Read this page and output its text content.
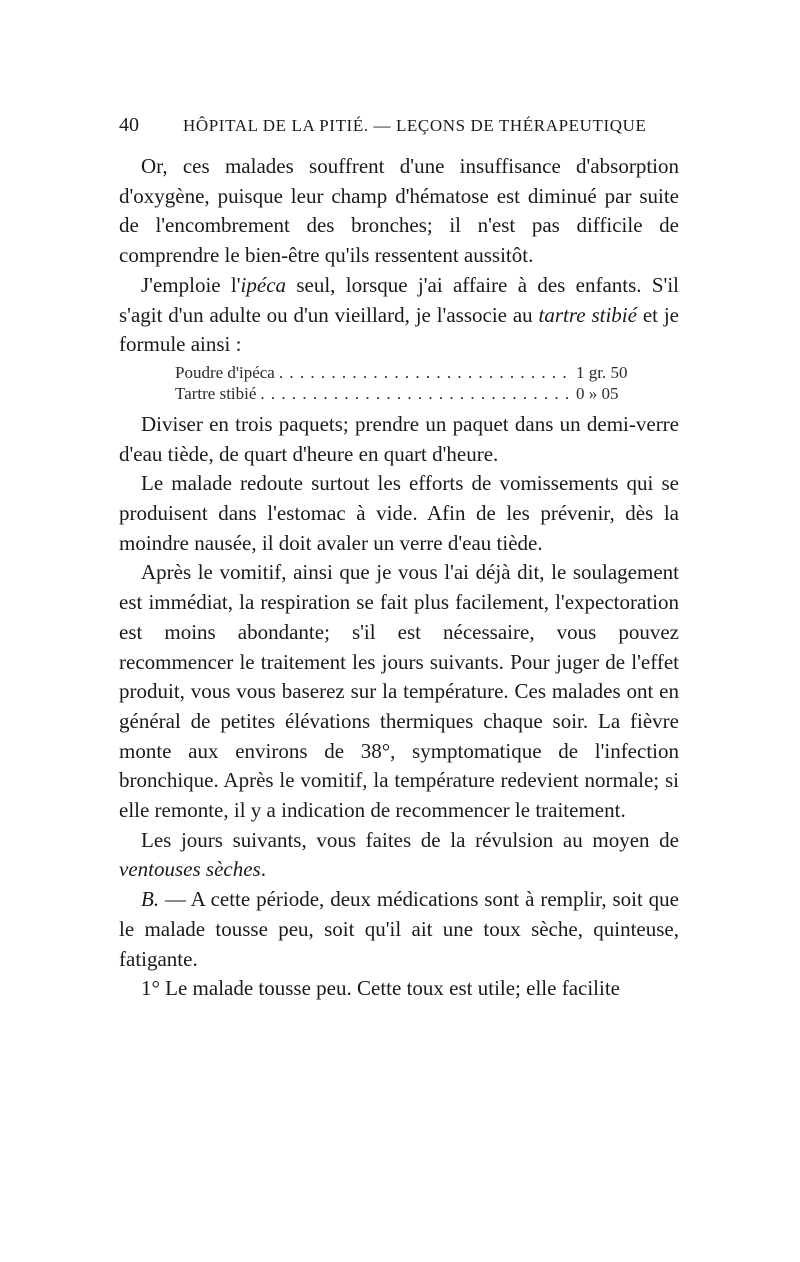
40	HÔPITAL DE LA PITIÉ. — LEÇONS DE THÉRAPEUTIQUE

Or, ces malades souffrent d'une insuffisance d'absorption d'oxygène, puisque leur champ d'hématose est diminué par suite de l'encombrement des bronches; il n'est pas difficile de comprendre le bien-être qu'ils ressentent aussitôt.

J'emploie l'ipéca seul, lorsque j'ai affaire à des enfants. S'il s'agit d'un adulte ou d'un vieillard, je l'associe au tartre stibié et je formule ainsi :

Poudre d'ipéca . . .	1 gr. 50
Tartre stibié . . .	0 » 05

Diviser en trois paquets; prendre un paquet dans un demi-verre d'eau tiède, de quart d'heure en quart d'heure.

Le malade redoute surtout les efforts de vomissements qui se produisent dans l'estomac à vide. Afin de les prévenir, dès la moindre nausée, il doit avaler un verre d'eau tiède.

Après le vomitif, ainsi que je vous l'ai déjà dit, le soulagement est immédiat, la respiration se fait plus facilement, l'expectoration est moins abondante; s'il est nécessaire, vous pouvez recommencer le traitement les jours suivants. Pour juger de l'effet produit, vous vous baserez sur la température. Ces malades ont en général de petites élévations thermiques chaque soir. La fièvre monte aux environs de 38°, symptomatique de l'infection bronchique. Après le vomitif, la température redevient normale; si elle remonte, il y a indication de recommencer le traitement.

Les jours suivants, vous faites de la révulsion au moyen de ventouses sèches.

B. — A cette période, deux médications sont à remplir, soit que le malade tousse peu, soit qu'il ait une toux sèche, quinteuse, fatigante.

1° Le malade tousse peu. Cette toux est utile; elle facilite
